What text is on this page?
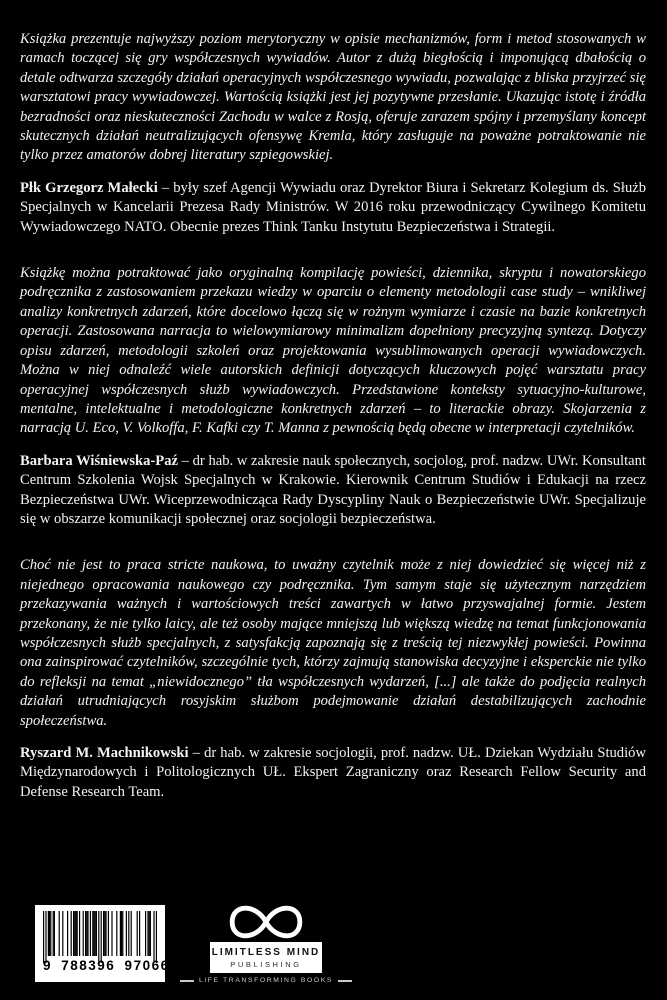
Książka prezentuje najwyższy poziom merytoryczny w opisie mechanizmów, form i metod stosowanych w ramach toczącej się gry współczesnych wywiadów. Autor z dużą biegłością i imponującą dbałością o detale odtwarza szczegóły działań operacyjnych współczesnego wywiadu, pozwalając z bliska przyjrzeć się warsztatowi pracy wywiadowczej. Wartością książki jest jej pozytywne przesłanie. Ukazując istotę i źródła bezradności oraz nieskuteczności Zachodu w walce z Rosją, oferuje zarazem spójny i przemyślany koncept skutecznych działań neutralizujących ofensywę Kremla, który zasługuje na poważne potraktowanie nie tylko przez amatorów dobrej literatury szpiegowskiej.

Płk Grzegorz Małecki – były szef Agencji Wywiadu oraz Dyrektor Biura i Sekretarz Kolegium ds. Służb Specjalnych w Kancelarii Prezesa Rady Ministrów. W 2016 roku przewodniczący Cywilnego Komitetu Wywiadowczego NATO. Obecnie prezes Think Tanku Instytutu Bezpieczeństwa i Strategii.

Książkę można potraktować jako oryginalną kompilację powieści, dziennika, skryptu i nowatorskiego podręcznika z zastosowaniem przekazu wiedzy w oparciu o elementy metodologii case study – wnikliwej analizy konkretnych zdarzeń, które docelowo łączą się w rożnym wymiarze i czasie na bazie konkretnych operacji. Zastosowana narracja to wielowymiarowy minimalizm dopełniony precyzyjną syntezą. Dotyczy opisu zdarzeń, metodologii szkoleń oraz projektowania wysublimowanych operacji wywiadowczych. Można w niej odnaleźć wiele autorskich definicji dotyczących kluczowych pojęć warsztatu pracy operacyjnej współczesnych służb wywiadowczych. Przedstawione konteksty sytuacyjno-kulturowe, mentalne, intelektualne i metodologiczne konkretnych zdarzeń – to literackie obrazy. Skojarzenia z narracją U. Eco, V. Volkoffa, F. Kafki czy T. Manna z pewnością będą obecne w interpretacji czytelników.

Barbara Wiśniewska-Paź – dr hab. w zakresie nauk społecznych, socjolog, prof. nadzw. UWr. Konsultant Centrum Szkolenia Wojsk Specjalnych w Krakowie. Kierownik Centrum Studiów i Edukacji na rzecz Bezpieczeństwa UWr. Wiceprzewodnicząca Rady Dyscypliny Nauk o Bezpieczeństwie UWr. Specjalizuje się w obszarze komunikacji społecznej oraz socjologii bezpieczeństwa.

Choć nie jest to praca stricte naukowa, to uważny czytelnik może z niej dowiedzieć się więcej niż z niejednego opracowania naukowego czy podręcznika. Tym samym staje się użytecznym narzędziem przekazywania ważnych i wartościowych treści zawartych w łatwo przyswajalnej formie. Jestem przekonany, że nie tylko laicy, ale też osoby mające mniejszą lub większą wiedzę na temat funkcjonowania współczesnych służb specjalnych, z satysfakcją zapoznają się z treścią tej niezwykłej powieści. Powinna ona zainspirować czytelników, szczególnie tych, którzy zajmują stanowiska decyzyjne i eksperckie nie tylko do refleksji na temat „niewidocznego” tła współczesnych wydarzeń, [...] ale także do podjęcia realnych działań utrudniających rosyjskim służbom podejmowanie działań destabilizujących zachodnie społeczeństwa.

Ryszard M. Machnikowski – dr hab. w zakresie socjologii, prof. nadzw. UŁ. Dziekan Wydziału Studiów Międzynarodowych i Politologicznych UŁ. Ekspert Zagraniczny oraz Research Fellow Security and Defense Research Team.

9 788396 970664
LIMITLESS MIND
PUBLISHING
LIFE TRANSFORMING BOOKS
